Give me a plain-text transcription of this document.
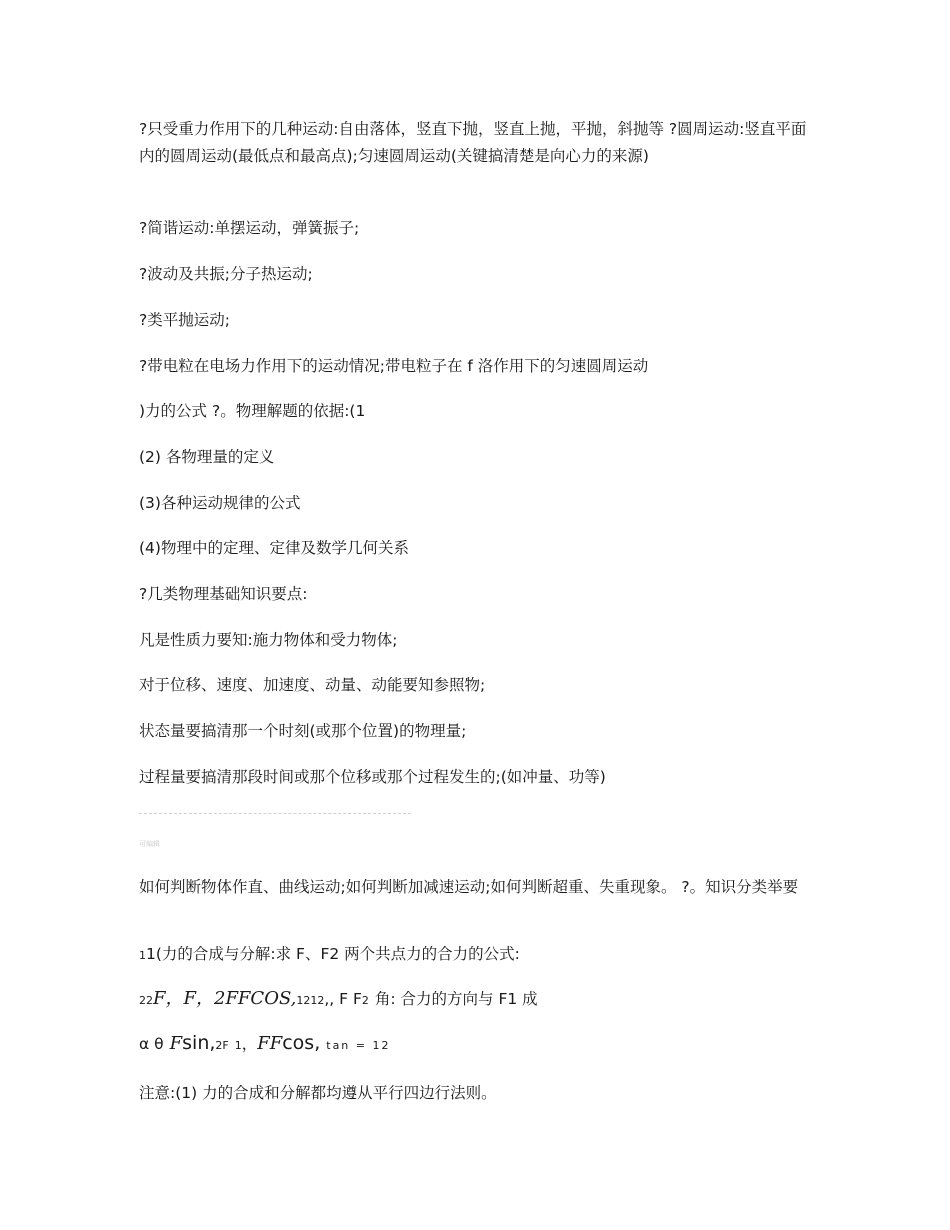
?只受重力作用下的几种运动:自由落体，竖直下抛，竖直上抛，平抛，斜抛等 ?圆周运动:竖直平面内的圆周运动(最低点和最高点);匀速圆周运动(关键搞清楚是向心力的来源)
?简谐运动:单摆运动，弹簧振子;
?波动及共振;分子热运动;
?类平抛运动;
?带电粒在电场力作用下的运动情况;带电粒子在 f 洛作用下的匀速圆周运动
)力的公式 ?。物理解题的依据:(1
(2) 各物理量的定义
(3)各种运动规律的公式
(4)物理中的定理、定律及数学几何关系
?几类物理基础知识要点:
凡是性质力要知:施力物体和受力物体;
对于位移、速度、加速度、动量、动能要知参照物;
状态量要搞清那一个时刻(或那个位置)的物理量;
过程量要搞清那段时间或那个位移或那个过程发生的;(如冲量、功等)
可编辑
如何判断物体作直、曲线运动;如何判断加减速运动;如何判断超重、失重现象。 ?。知识分类举要
11(力的合成与分解:求 F、F2 两个共点力的合力的公式:
22F，F，2FFCOS,1212,, F F2 角: 合力的方向与 F1 成
α θ Fsin,2F 1，FFcos, tan = 12
注意:(1) 力的合成和分解都均遵从平行四边行法则。
